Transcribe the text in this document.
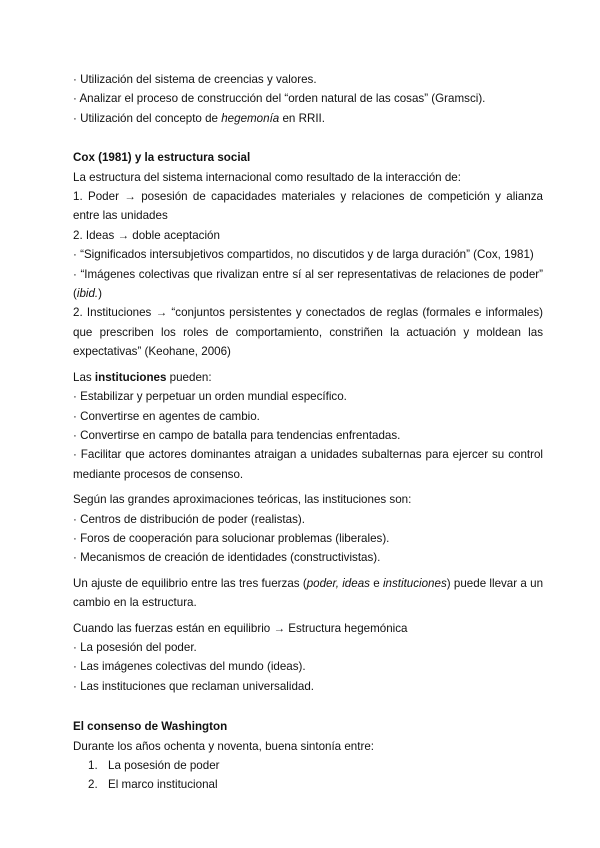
· Utilización del sistema de creencias y valores.
· Analizar el proceso de construcción del “orden natural de las cosas” (Gramsci).
· Utilización del concepto de hegemonía en RRII.
Cox (1981) y la estructura social
La estructura del sistema internacional como resultado de la interacción de:
1. Poder → posesión de capacidades materiales y relaciones de competición y alianza entre las unidades
2. Ideas → doble aceptación
· “Significados intersubjetivos compartidos, no discutidos y de larga duración” (Cox, 1981)
· “Imágenes colectivas que rivalizan entre sí al ser representativas de relaciones de poder” (ibid.)
2. Instituciones → “conjuntos persistentes y conectados de reglas (formales e informales) que prescriben los roles de comportamiento, constriñen la actuación y moldean las expectativas” (Keohane, 2006)
Las instituciones pueden:
· Estabilizar y perpetuar un orden mundial específico.
· Convertirse en agentes de cambio.
· Convertirse en campo de batalla para tendencias enfrentadas.
· Facilitar que actores dominantes atraigan a unidades subalternas para ejercer su control mediante procesos de consenso.
Según las grandes aproximaciones teóricas, las instituciones son:
· Centros de distribución de poder (realistas).
· Foros de cooperación para solucionar problemas (liberales).
· Mecanismos de creación de identidades (constructivistas).
Un ajuste de equilibrio entre las tres fuerzas (poder, ideas e instituciones) puede llevar a un cambio en la estructura.
Cuando las fuerzas están en equilibrio → Estructura hegemónica
· La posesión del poder.
· Las imágenes colectivas del mundo (ideas).
· Las instituciones que reclaman universalidad.
El consenso de Washington
Durante los años ochenta y noventa, buena sintonía entre:
1. La posesión de poder
2. El marco institucional
